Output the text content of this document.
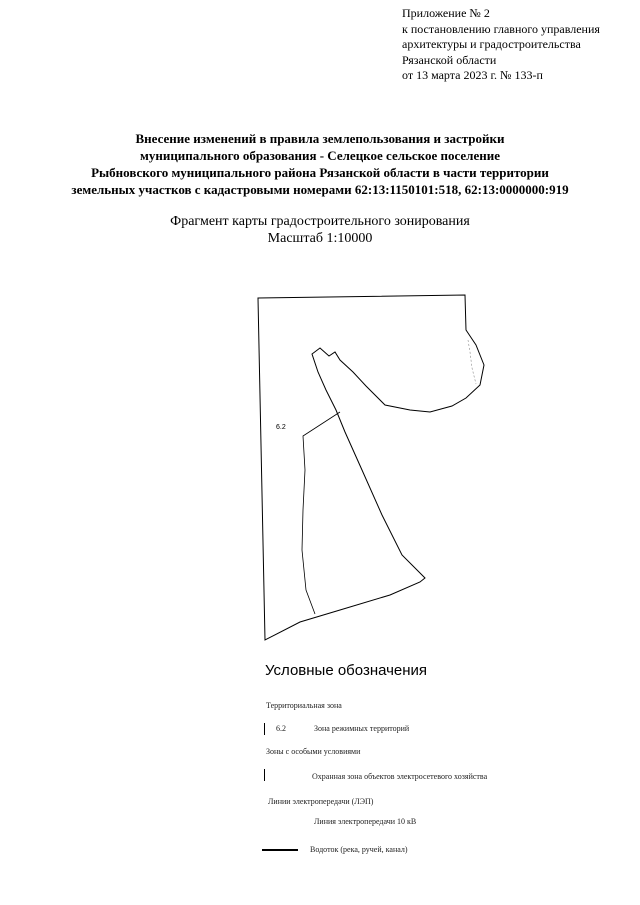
Приложение № 2
к постановлению главного управления
архитектуры и градостроительства
Рязанской области
от 13 марта 2023 г. № 133-п
Внесение изменений в правила землепользования и застройки
муниципального образования - Селецкое сельское поселение
Рыбновского муниципального района Рязанской области в части территории
земельных участков с кадастровыми номерами 62:13:1150101:518, 62:13:0000000:919
Фрагмент карты градостроительного зонирования
Масштаб 1:10000
6.2
Условные обозначения
Территориальная зона
6.2	Зона режимных территорий
Зоны с особыми условиями
Охранная зона объектов электросетевого хозяйства
Линии электропередачи (ЛЭП)
Линия электропередачи 10 кВ
Водоток (река, ручей, канал)
